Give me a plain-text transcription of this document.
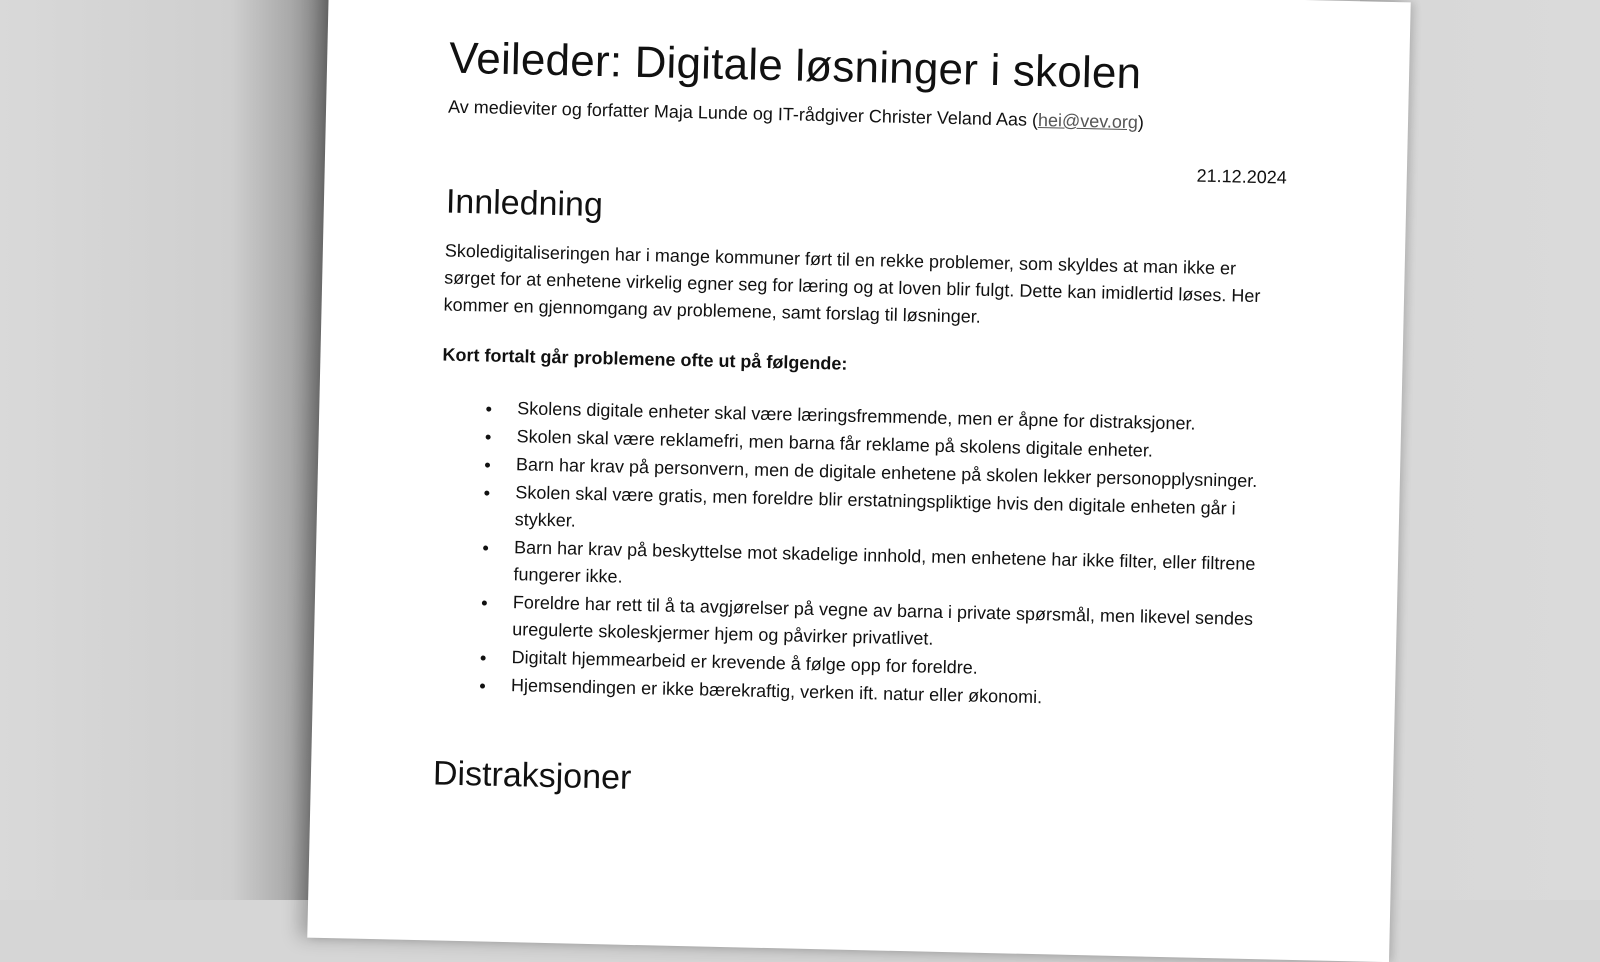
Veileder: Digitale løsninger i skolen
Av medieviter og forfatter Maja Lunde og IT-rådgiver Christer Veland Aas (hei@vev.org)
21.12.2024
Innledning

Skoledigitaliseringen har i mange kommuner ført til en rekke problemer, som skyldes at man ikke er sørget for at enhetene virkelig egner seg for læring og at loven blir fulgt. Dette kan imidlertid løses. Her kommer en gjennomgang av problemene, samt forslag til løsninger.

Kort fortalt går problemene ofte ut på følgende:
• Skolens digitale enheter skal være læringsfremmende, men er åpne for distraksjoner.
• Skolen skal være reklamefri, men barna får reklame på skolens digitale enheter.
• Barn har krav på personvern, men de digitale enhetene på skolen lekker personopplysninger.
• Skolen skal være gratis, men foreldre blir erstatningspliktige hvis den digitale enheten går i stykker.
• Barn har krav på beskyttelse mot skadelige innhold, men enhetene har ikke filter, eller filtrene fungerer ikke.
• Foreldre har rett til å ta avgjørelser på vegne av barna i private spørsmål, men likevel sendes uregulerte skoleskjermer hjem og påvirker privatlivet.
• Digitalt hjemmearbeid er krevende å følge opp for foreldre.
• Hjemsendingen er ikke bærekraftig, verken ift. natur eller økonomi.
Distraksjoner
